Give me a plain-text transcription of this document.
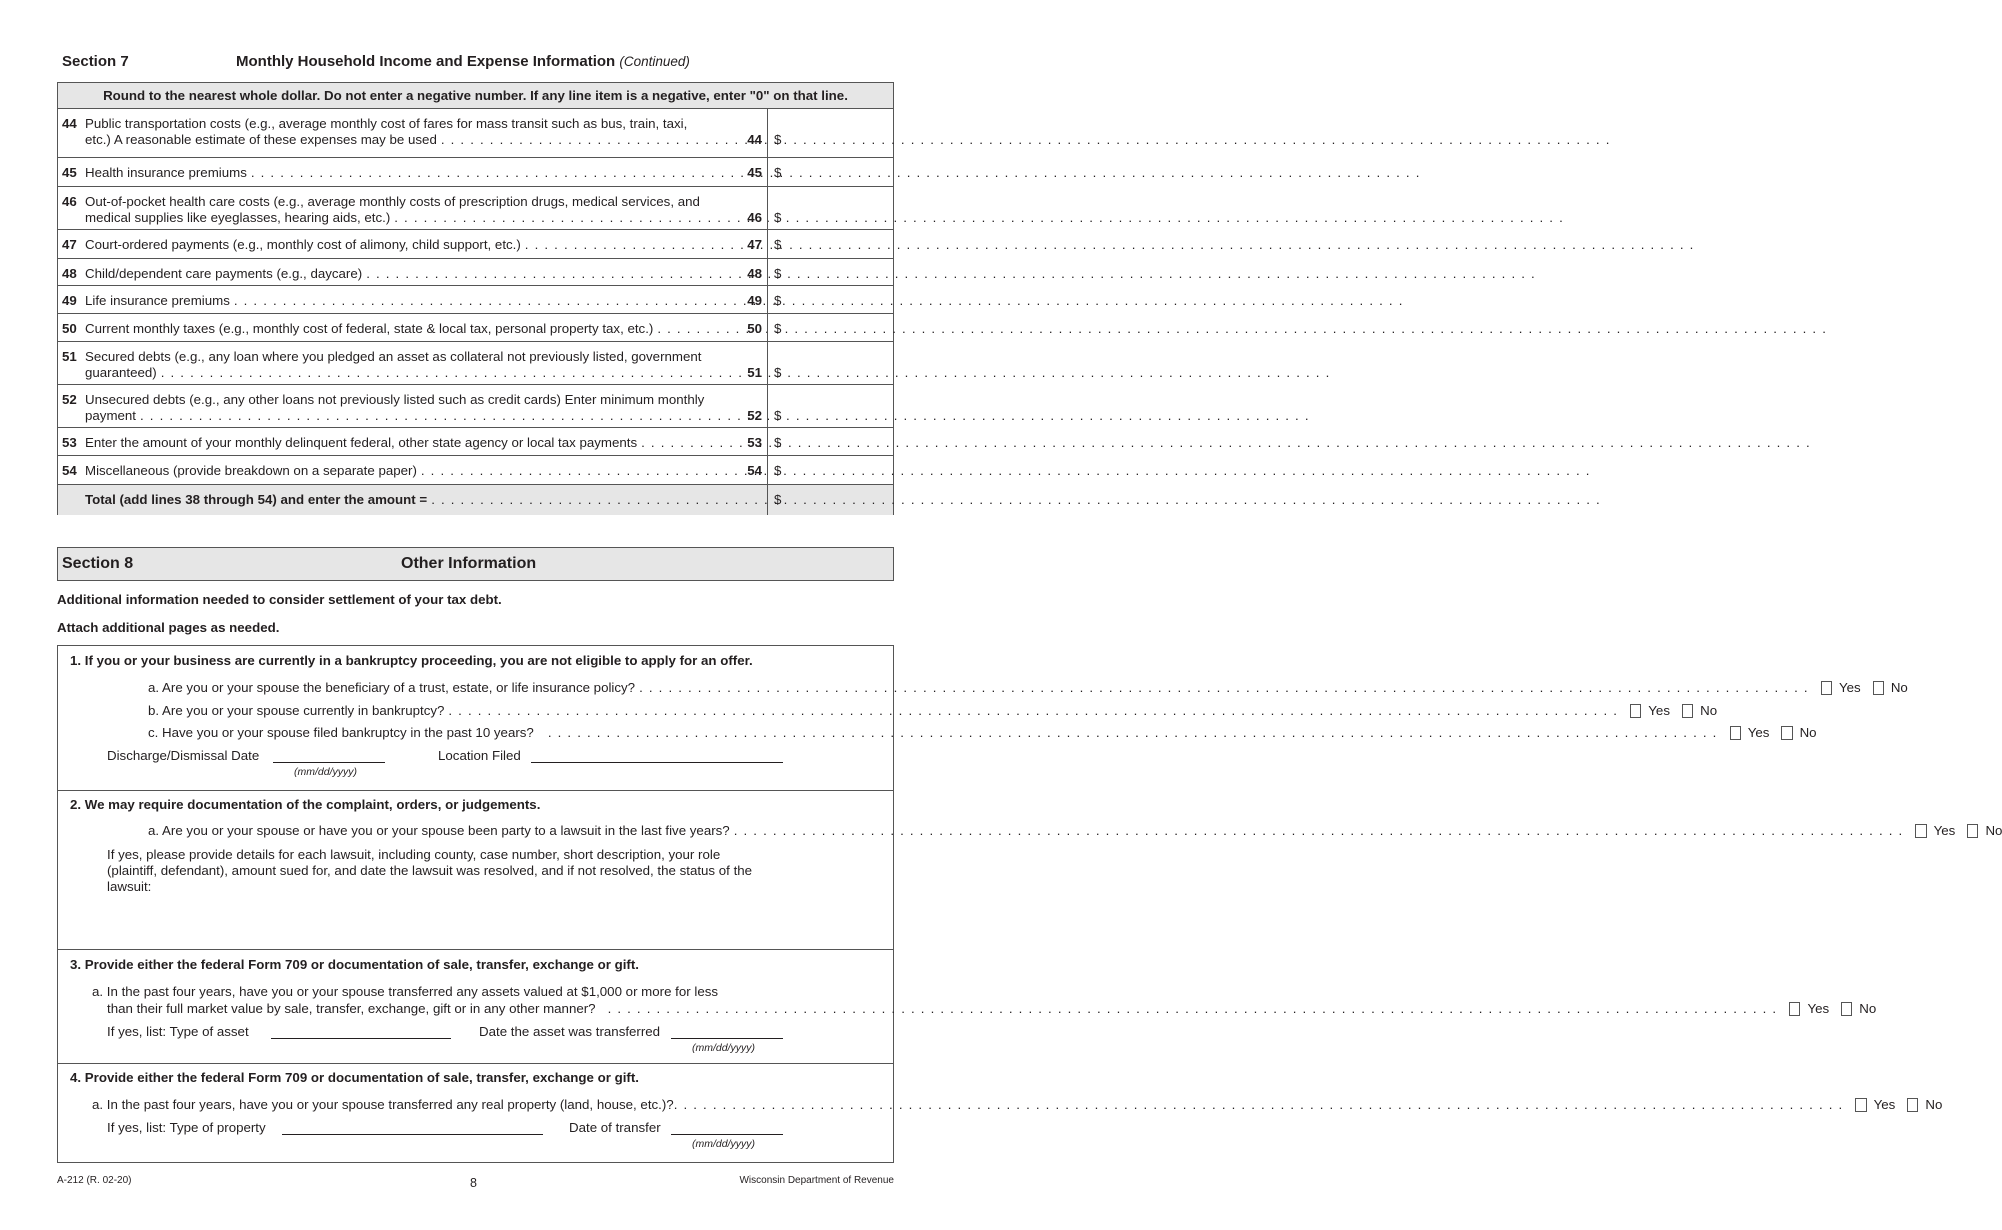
Section 7	Monthly Household Income and Expense Information (Continued)
Round to the nearest whole dollar. Do not enter a negative number. If any line item is a negative, enter "0" on that line.
44 Public transportation costs (e.g., average monthly cost of fares for mass transit such as bus, train, taxi,
etc.) A reasonable estimate of these expenses may be used . . .	44 $
45 Health insurance premiums . . .	45 $
46 Out-of-pocket health care costs (e.g., average monthly costs of prescription drugs, medical services, and
medical supplies like eyeglasses, hearing aids, etc.) . . .	46 $
47 Court-ordered payments (e.g., monthly cost of alimony, child support, etc.) . . .	47 $
48 Child/dependent care payments (e.g., daycare) . . .	48 $
49 Life insurance premiums . . .	49 $
50 Current monthly taxes (e.g., monthly cost of federal, state & local tax, personal property tax, etc.) . . .	50 $
51 Secured debts (e.g., any loan where you pledged an asset as collateral not previously listed, government
guaranteed) . . .	51 $
52 Unsecured debts (e.g., any other loans not previously listed such as credit cards) Enter minimum monthly
payment . . .	52 $
53 Enter the amount of your monthly delinquent federal, other state agency or local tax payments . . .	53 $
54 Miscellaneous (provide breakdown on a separate paper) . . .	54 $
Total (add lines 38 through 54) and enter the amount = . . .	$
Section 8	Other Information
Additional information needed to consider settlement of your tax debt.
Attach additional pages as needed.
1. If you or your business are currently in a bankruptcy proceeding, you are not eligible to apply for an offer.
a. Are you or your spouse the beneficiary of a trust, estate, or life insurance policy? . . .	Yes No
b. Are you or your spouse currently in bankruptcy? . . .	Yes No
c. Have you or your spouse filed bankruptcy in the past 10 years? . . .	Yes No
Discharge/Dismissal Date
(mm/dd/yyyy)
Location Filed
2. We may require documentation of the complaint, orders, or judgements.
a. Are you or your spouse or have you or your spouse been party to a lawsuit in the last five years? . . .	Yes No
If yes, please provide details for each lawsuit, including county, case number, short description, your role
(plaintiff, defendant), amount sued for, and date the lawsuit was resolved, and if not resolved, the status of the
lawsuit:
3. Provide either the federal Form 709 or documentation of sale, transfer, exchange or gift.
a. In the past four years, have you or your spouse transferred any assets valued at $1,000 or more for less
than their full market value by sale, transfer, exchange, gift or in any other manner? . . .	Yes No
If yes, list: Type of asset	Date the asset was transferred
(mm/dd/yyyy)
4. Provide either the federal Form 709 or documentation of sale, transfer, exchange or gift.
a. In the past four years, have you or your spouse transferred any real property (land, house, etc.)? . . .	Yes No
If yes, list: Type of property	Date of transfer
(mm/dd/yyyy)
A-212 (R. 02-20)	8	Wisconsin Department of Revenue
